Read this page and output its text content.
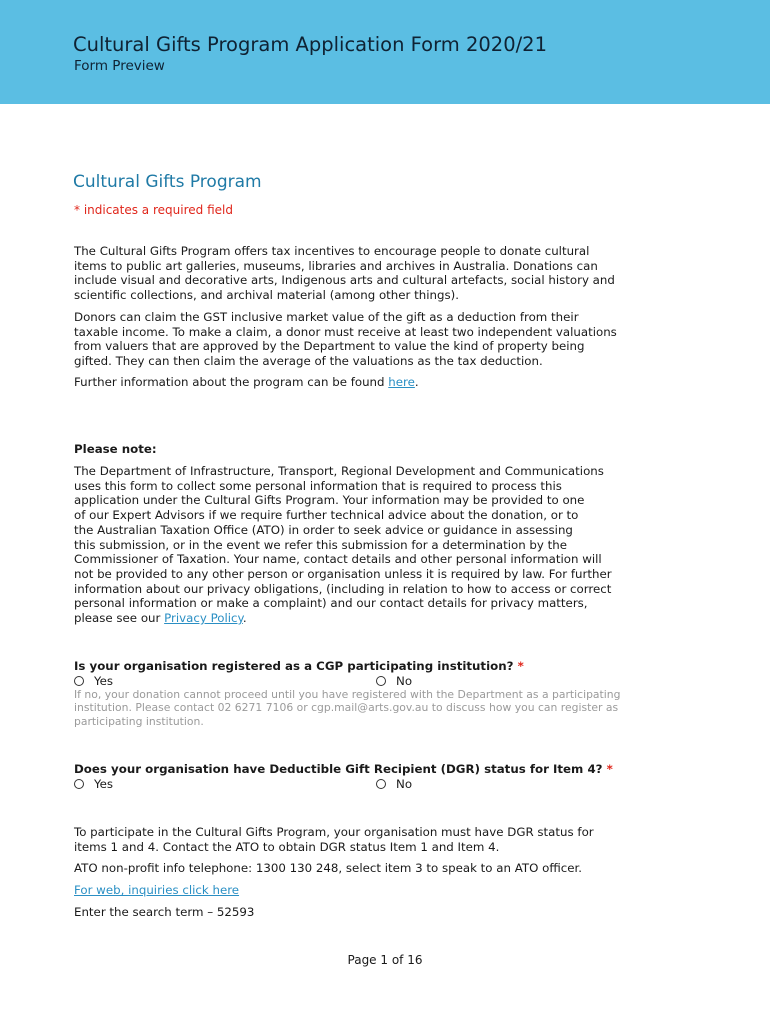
Cultural Gifts Program Application Form 2020/21
Form Preview
Cultural Gifts Program
* indicates a required field
The Cultural Gifts Program offers tax incentives to encourage people to donate cultural
items to public art galleries, museums, libraries and archives in Australia. Donations can
include visual and decorative arts, Indigenous arts and cultural artefacts, social history and
scientific collections, and archival material (among other things).
Donors can claim the GST inclusive market value of the gift as a deduction from their
taxable income. To make a claim, a donor must receive at least two independent valuations
from valuers that are approved by the Department to value the kind of property being
gifted. They can then claim the average of the valuations as the tax deduction.
Further information about the program can be found here.
Please note:
The Department of Infrastructure, Transport, Regional Development and Communications
uses this form to collect some personal information that is required to process this
application under the Cultural Gifts Program. Your information may be provided to one
of our Expert Advisors if we require further technical advice about the donation, or to
the Australian Taxation Office (ATO) in order to seek advice or guidance in assessing
this submission, or in the event we refer this submission for a determination by the
Commissioner of Taxation. Your name, contact details and other personal information will
not be provided to any other person or organisation unless it is required by law. For further
information about our privacy obligations, (including in relation to how to access or correct
personal information or make a complaint) and our contact details for privacy matters,
please see our Privacy Policy.
Is your organisation registered as a CGP participating institution? *
Yes	No
If no, your donation cannot proceed until you have registered with the Department as a participating
institution. Please contact 02 6271 7106 or cgp.mail@arts.gov.au to discuss how you can register as
participating institution.
Does your organisation have Deductible Gift Recipient (DGR) status for Item 4? *
Yes	No
To participate in the Cultural Gifts Program, your organisation must have DGR status for
items 1 and 4. Contact the ATO to obtain DGR status Item 1 and Item 4.
ATO non-profit info telephone: 1300 130 248, select item 3 to speak to an ATO officer.
For web, inquiries click here
Enter the search term – 52593
Page 1 of 16
